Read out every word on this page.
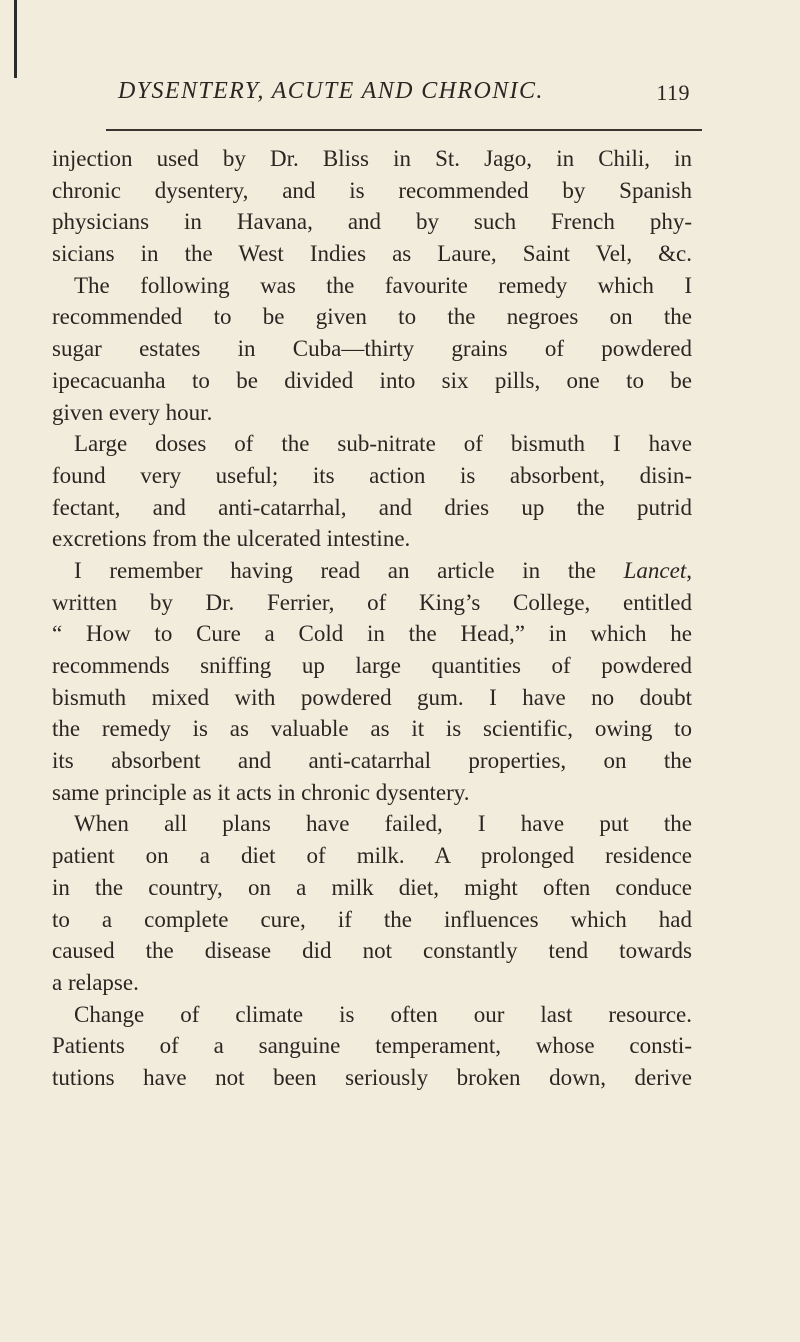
DYSENTERY, ACUTE AND CHRONIC.	119
injection used by Dr. Bliss in St. Jago, in Chili, in
chronic dysentery, and is recommended by Spanish
physicians in Havana, and by such French phy-
sicians in the West Indies as Laure, Saint Vel, &c.
The following was the favourite remedy which I
recommended to be given to the negroes on the
sugar estates in Cuba—thirty grains of powdered
ipecacuanha to be divided into six pills, one to be
given every hour.
Large doses of the sub-nitrate of bismuth I have
found very useful; its action is absorbent, disin-
fectant, and anti-catarrhal, and dries up the putrid
excretions from the ulcerated intestine.
I remember having read an article in the Lancet,
written by Dr. Ferrier, of King’s College, entitled
“ How to Cure a Cold in the Head,” in which he
recommends sniffing up large quantities of powdered
bismuth mixed with powdered gum. I have no doubt
the remedy is as valuable as it is scientific, owing to
its absorbent and anti-catarrhal properties, on the
same principle as it acts in chronic dysentery.
When all plans have failed, I have put the
patient on a diet of milk. A prolonged residence
in the country, on a milk diet, might often conduce
to a complete cure, if the influences which had
caused the disease did not constantly tend towards
a relapse.
Change of climate is often our last resource.
Patients of a sanguine temperament, whose consti-
tutions have not been seriously broken down, derive
